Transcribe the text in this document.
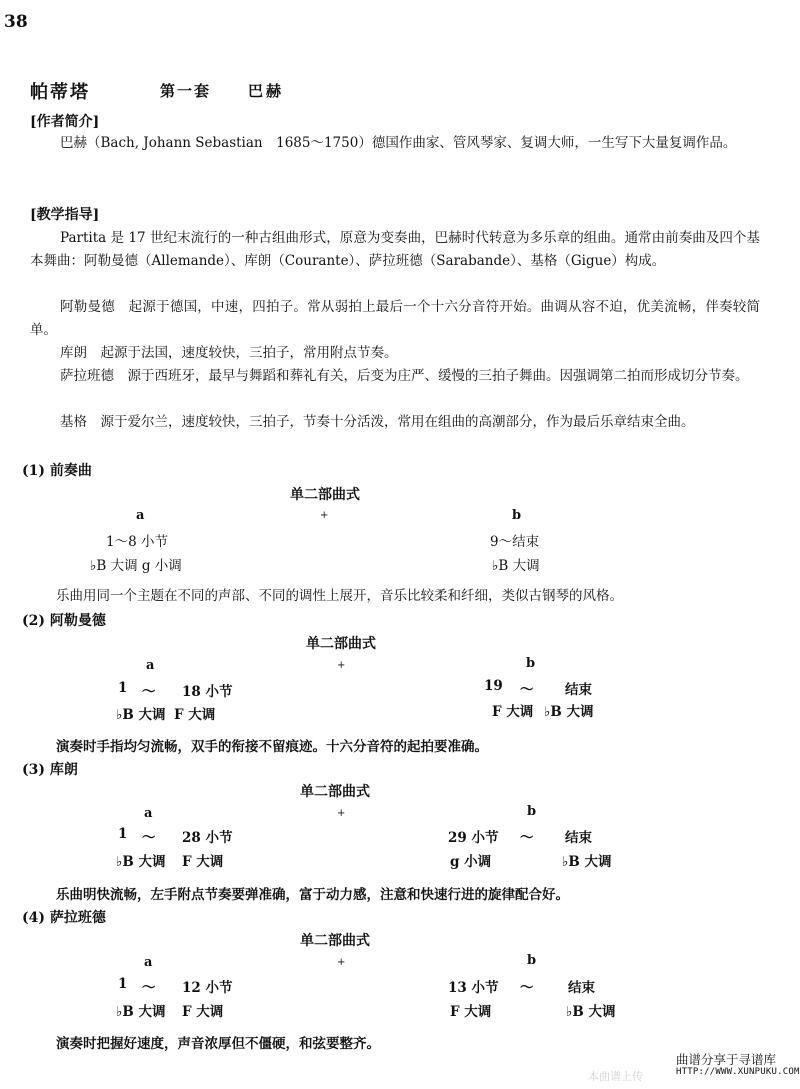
38
帕蒂塔	第一套 巴赫
[作者简介]
巴赫（Bach, Johann Sebastian　1685～1750）德国作曲家、管风琴家、复调大师，一生写下大量复调作品。
[教学指导]
Partita 是 17 世纪末流行的一种古组曲形式，原意为变奏曲，巴赫时代转意为多乐章的组曲。通常由前奏曲及四个基本舞曲：阿勒曼德（Allemande）、库朗（Courante）、萨拉班德（Sarabande）、基格（Gigue）构成。
阿勒曼德　 起源于德国，中速，四拍子。常从弱拍上最后一个十六分音符开始。曲调从容不迫，优美流畅，伴奏较简单。
库朗　 起源于法国，速度较快，三拍子，常用附点节奏。
萨拉班德　 源于西班牙，最早与舞蹈和葬礼有关，后变为庄严、缓慢的三拍子舞曲。因强调第二拍而形成切分节奏。
基格　 源于爱尔兰，速度较快，三拍子，节奏十分活泼，常用在组曲的高潮部分，作为最后乐章结束全曲。
(1) 前奏曲
单二部曲式
a	+	b
1～8 小节	9～结束
♭B 大调 g 小调	♭B 大调
乐曲用同一个主题在不同的声部、不同的调性上展开，音乐比较柔和纤细，类似古钢琴的风格。
(2) 阿勒曼德
单二部曲式
a	+	b
1 ～ 18 小节	19 ～ 结束
♭B 大调 F 大调	F 大调 ♭B 大调
演奏时手指均匀流畅，双手的衔接不留痕迹。十六分音符的起拍要准确。
(3) 库朗
单二部曲式
a	+	b
1 ～ 28 小节	29 小节 ～ 结束
♭B 大调 F 大调	g 小调	♭B 大调
乐曲明快流畅，左手附点节奏要弹准确，富于动力感，注意和快速行进的旋律配合好。
(4) 萨拉班德
单二部曲式
a	+	b
1 ～ 12 小节	13 小节 ～	结束
♭B 大调 F 大调	F 大调	♭B 大调
演奏时把握好速度，声音浓厚但不僵硬，和弦要整齐。
本曲谱上传
曲谱分享于寻谱库
HTTP://WWW.XUNPUKU.COM
